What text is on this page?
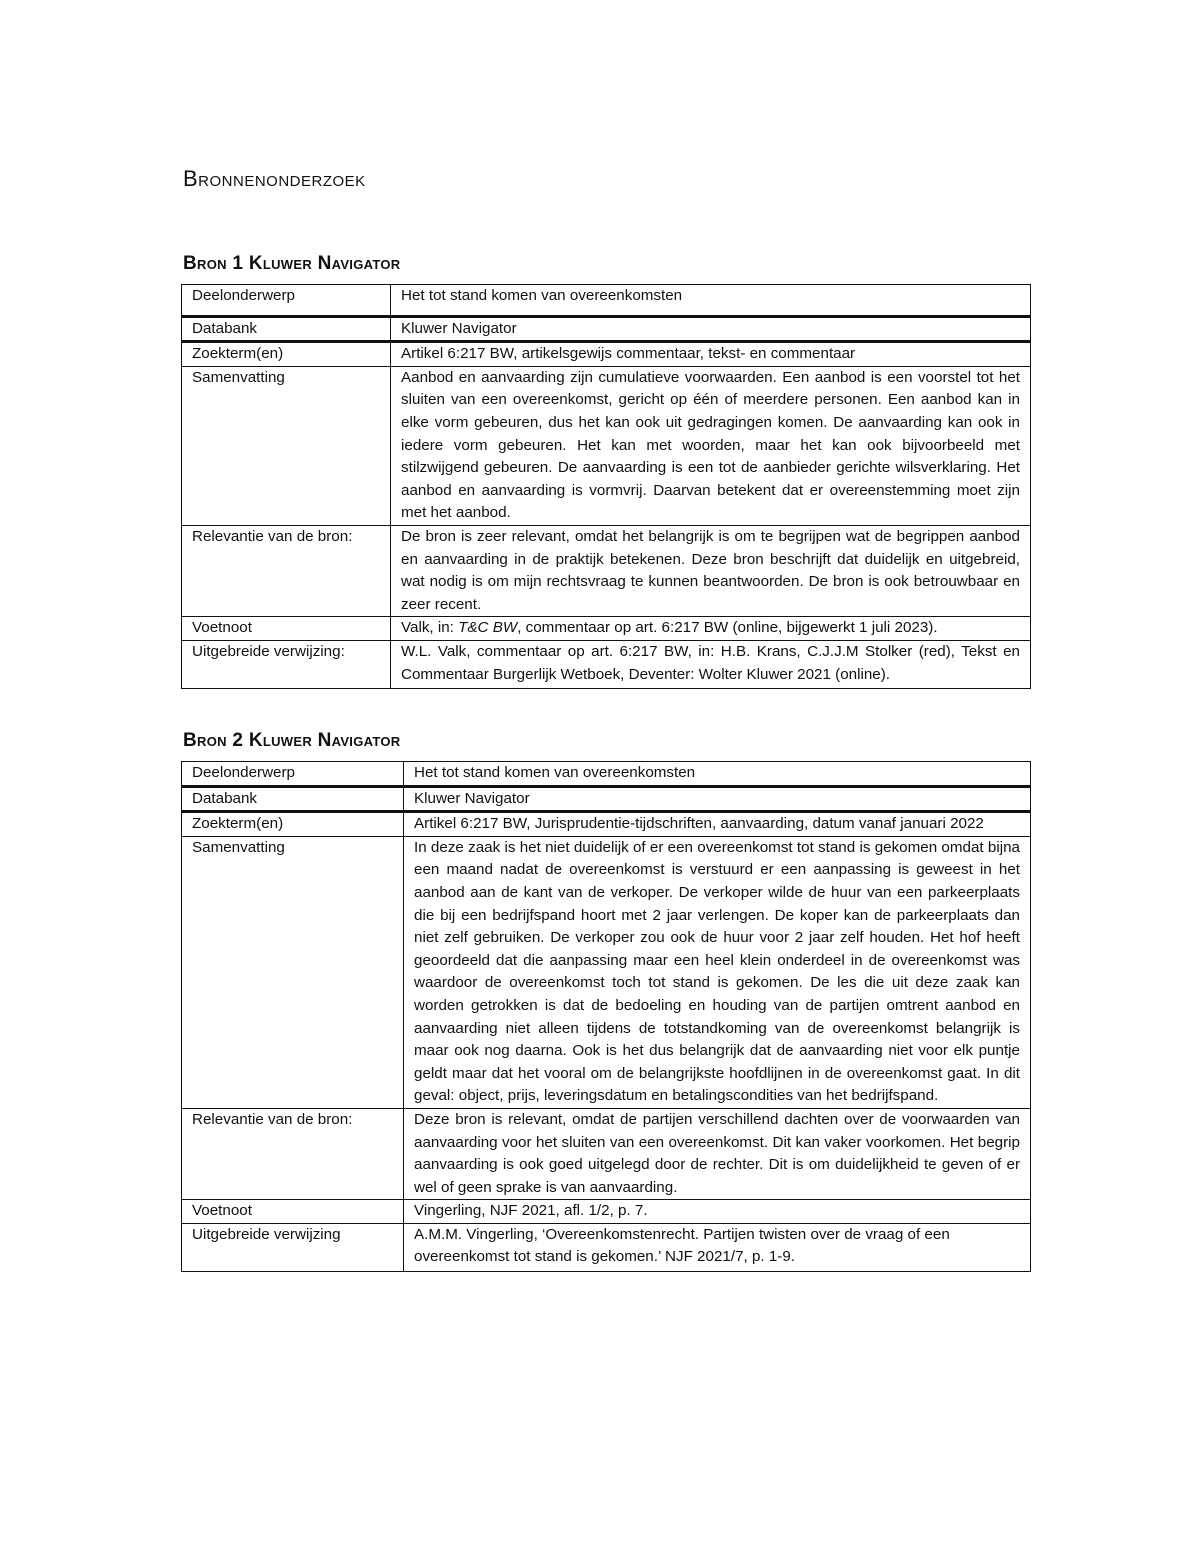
Bronnenonderzoek
Bron 1 Kluwer Navigator
Deelonderwerp	Het tot stand komen van overeenkomsten
Databank	Kluwer Navigator
Zoekterm(en)	Artikel 6:217 BW, artikelsgewijs commentaar, tekst- en commentaar
Samenvatting	Aanbod en aanvaarding zijn cumulatieve voorwaarden. Een aanbod is een voorstel tot het sluiten van een overeenkomst, gericht op één of meerdere personen. Een aanbod kan in elke vorm gebeuren, dus het kan ook uit gedragingen komen. De aanvaarding kan ook in iedere vorm gebeuren. Het kan met woorden, maar het kan ook bijvoorbeeld met stilzwijgend gebeuren. De aanvaarding is een tot de aanbieder gerichte wilsverklaring. Het aanbod en aanvaarding is vormvrij. Daarvan betekent dat er overeenstemming moet zijn met het aanbod.
Relevantie van de bron:	De bron is zeer relevant, omdat het belangrijk is om te begrijpen wat de begrippen aanbod en aanvaarding in de praktijk betekenen. Deze bron beschrijft dat duidelijk en uitgebreid, wat nodig is om mijn rechtsvraag te kunnen beantwoorden. De bron is ook betrouwbaar en zeer recent.
Voetnoot	Valk, in: T&C BW, commentaar op art. 6:217 BW (online, bijgewerkt 1 juli 2023).
Uitgebreide verwijzing:	W.L. Valk, commentaar op art. 6:217 BW, in: H.B. Krans, C.J.J.M Stolker (red), Tekst en Commentaar Burgerlijk Wetboek, Deventer: Wolter Kluwer 2021 (online).
Bron 2 Kluwer Navigator
Deelonderwerp	Het tot stand komen van overeenkomsten
Databank	Kluwer Navigator
Zoekterm(en)	Artikel 6:217 BW, Jurisprudentie-tijdschriften, aanvaarding, datum vanaf januari 2022
Samenvatting	In deze zaak is het niet duidelijk of er een overeenkomst tot stand is gekomen omdat bijna een maand nadat de overeenkomst is verstuurd er een aanpassing is geweest in het aanbod aan de kant van de verkoper. De verkoper wilde de huur van een parkeerplaats die bij een bedrijfspand hoort met 2 jaar verlengen. De koper kan de parkeerplaats dan niet zelf gebruiken. De verkoper zou ook de huur voor 2 jaar zelf houden. Het hof heeft geoordeeld dat die aanpassing maar een heel klein onderdeel in de overeenkomst was waardoor de overeenkomst toch tot stand is gekomen. De les die uit deze zaak kan worden getrokken is dat de bedoeling en houding van de partijen omtrent aanbod en aanvaarding niet alleen tijdens de totstandkoming van de overeenkomst belangrijk is maar ook nog daarna. Ook is het dus belangrijk dat de aanvaarding niet voor elk puntje geldt maar dat het vooral om de belangrijkste hoofdlijnen in de overeenkomst gaat. In dit geval: object, prijs, leveringsdatum en betalingscondities van het bedrijfspand.
Relevantie van de bron:	Deze bron is relevant, omdat de partijen verschillend dachten over de voorwaarden van aanvaarding voor het sluiten van een overeenkomst. Dit kan vaker voorkomen. Het begrip aanvaarding is ook goed uitgelegd door de rechter. Dit is om duidelijkheid te geven of er wel of geen sprake is van aanvaarding.
Voetnoot	Vingerling, NJF 2021, afl. 1/2, p. 7.
Uitgebreide verwijzing	A.M.M. Vingerling, ‘Overeenkomstenrecht. Partijen twisten over de vraag of een overeenkomst tot stand is gekomen.’ NJF 2021/7, p. 1-9.
